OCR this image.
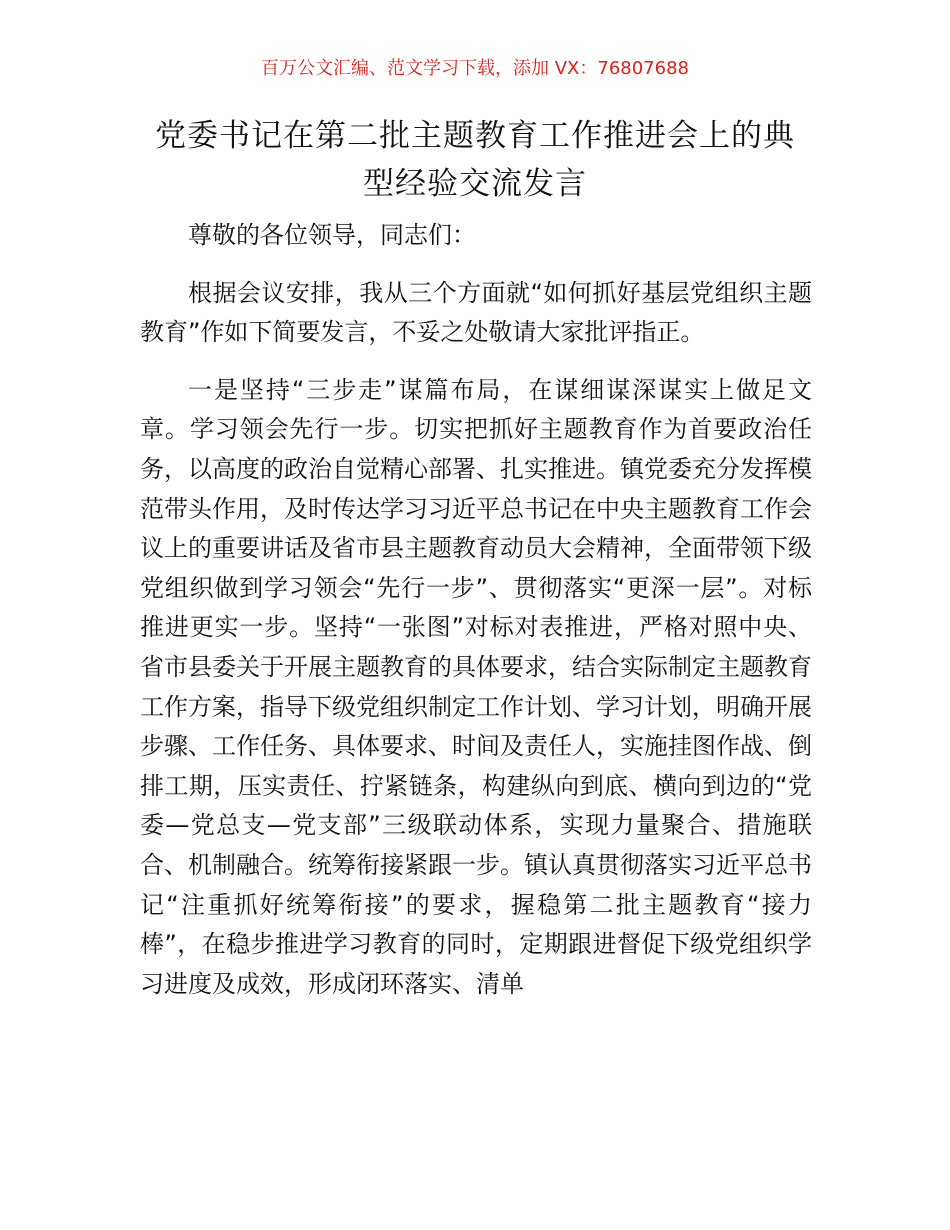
百万公文汇编、范文学习下载，添加 VX：76807688
党委书记在第二批主题教育工作推进会上的典
型经验交流发言

尊敬的各位领导，同志们：

根据会议安排，我从三个方面就“如何抓好基层党组织主题教育”作如下简要发言，不妥之处敬请大家批评指正。

一是坚持“三步走”谋篇布局，在谋细谋深谋实上做足文章。学习领会先行一步。切实把抓好主题教育作为首要政治任务，以高度的政治自觉精心部署、扎实推进。镇党委充分发挥模范带头作用，及时传达学习习近平总书记在中央主题教育工作会议上的重要讲话及省市县主题教育动员大会精神，全面带领下级党组织做到学习领会“先行一步”、贯彻落实“更深一层”。对标推进更实一步。坚持“一张图”对标对表推进，严格对照中央、省市县委关于开展主题教育的具体要求，结合实际制定主题教育工作方案，指导下级党组织制定工作计划、学习计划，明确开展步骤、工作任务、具体要求、时间及责任人，实施挂图作战、倒排工期，压实责任、拧紧链条，构建纵向到底、横向到边的“党委—党总支—党支部”三级联动体系，实现力量聚合、措施联合、机制融合。统筹衔接紧跟一步。镇认真贯彻落实习近平总书记“注重抓好统筹衔接”的要求，握稳第二批主题教育“接力棒”，在稳步推进学习教育的同时，定期跟进督促下级党组织学习进度及成效，形成闭环落实、清单
